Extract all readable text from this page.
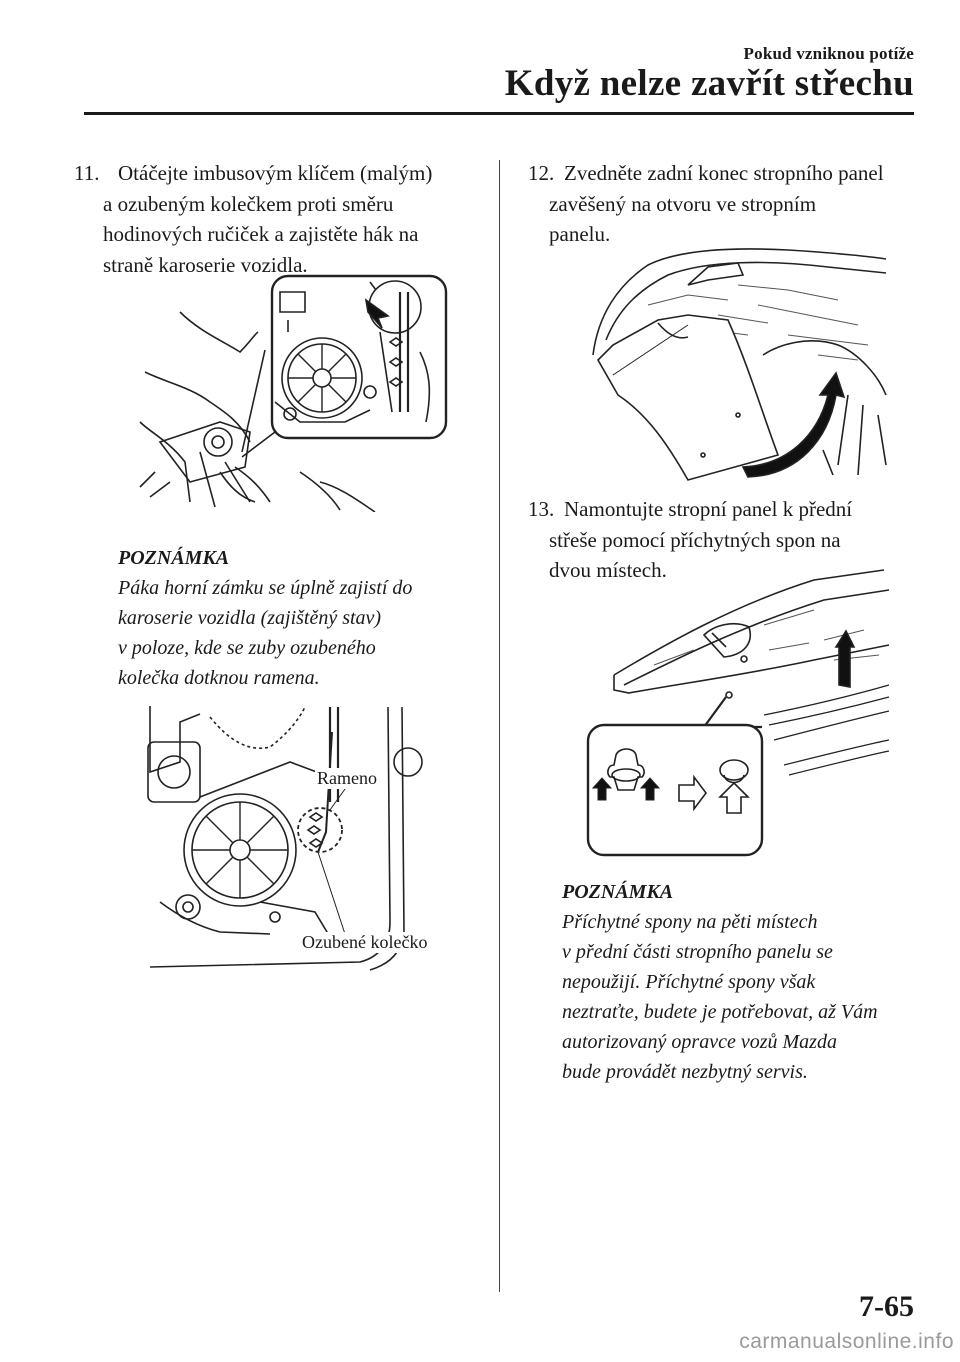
Pokud vzniknou potíže
Když nelze zavřít střechu
11. Otáčejte imbusovým klíčem (malým)
a ozubeným kolečkem proti směru
hodinových ručiček a zajistěte hák na
straně karoserie vozidla.
POZNÁMKA
Páka horní zámku se úplně zajistí do
karoserie vozidla (zajištěný stav)
v poloze, kde se zuby ozubeného
kolečka dotknou ramena.
Rameno
Ozubené kolečko
12. Zvedněte zadní konec stropního panel
zavěšený na otvoru ve stropním
panelu.
13. Namontujte stropní panel k přední
střeše pomocí příchytných spon na
dvou místech.
POZNÁMKA
Příchytné spony na pěti místech
v přední části stropního panelu se
nepoužijí. Příchytné spony však
neztraťte, budete je potřebovat, až Vám
autorizovaný opravce vozů Mazda
bude provádět nezbytný servis.
7-65
carmanualsonline.info
